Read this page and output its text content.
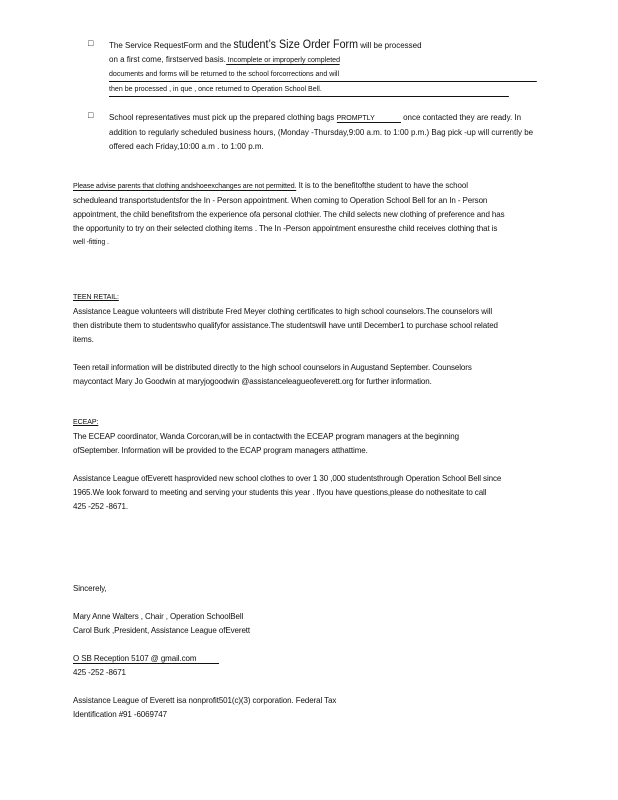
□ The Service RequestForm and the student’s Size Order Form will be processed

on a first come, firstserved basis. Incomplete or improperly completed

documents and forms will be returned to the school forcorrections and will

then be processed , in que , once returned to Operation School Bell.

□ School representatives must pick up the prepared clothing bags PROMPTLY	once contacted they are ready. In addition to regularly scheduled business hours, (Monday -Thursday,9:00 a.m. to 1:00 p.m.) Bag pick -up will currently be offered each Friday,10:00 a.m . to 1:00 p.m.

Please advise parents that clothing andshoeexchanges are not permitted. It is to the benefitofthe student to have the school scheduleand transportstudentsfor the In - Person appointment. When coming to Operation School Bell for an In - Person appointment, the child benefitsfrom the experience ofa personal clothier. The child selects new clothing of preference and has the opportunity to try on their selected clothing items . The In -Person appointment ensuresthe child receives clothing that is

well -fitting .

TEEN RETAIL:

Assistance League volunteers will distribute Fred Meyer clothing certificates to high school counselors.The counselors will then distribute them to studentswho qualifyfor assistance.The studentswill have until December1 to purchase school related items.

Teen retail information will be distributed directly to the high school counselors in Augustand September. Counselors maycontact Mary Jo Goodwin at maryjogoodwin @assistanceleagueofeverett.org for further information.

ECEAP:

The ECEAP coordinator, Wanda Corcoran,will be in contactwith the ECEAP program managers at the beginning ofSeptember. Information will be provided to the ECAP program managers atthattime.

Assistance League ofEverett hasprovided new school clothes to over 1 30 ,000 studentsthrough Operation School Bell since 1965.We look forward to meeting and serving your students this year . Ifyou have questions,please do nothesitate to call

425 -252 -8671.

Sincerely,

Mary Anne Walters , Chair , Operation SchoolBell

Carol Burk ,President, Assistance League ofEverett

O SB Reception 5107 @ gmail.com

425 -252 -8671

Assistance League of Everett isa nonprofit501(c)(3) corporation. Federal Tax

Identification #91 -6069747
